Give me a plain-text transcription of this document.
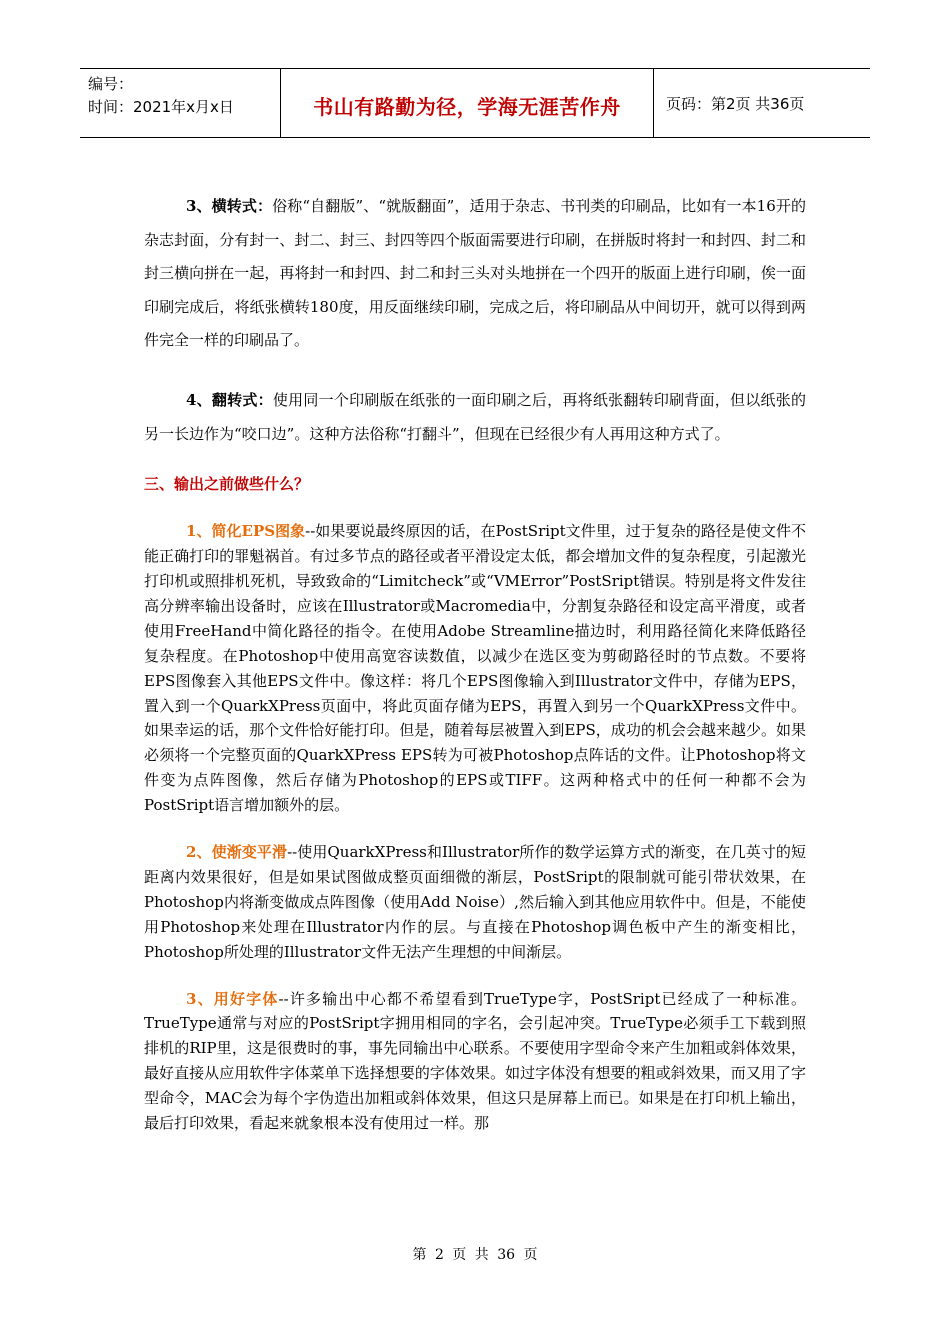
编号：
时间：2021年x月x日	书山有路勤为径，学海无涯苦作舟	页码：第2页 共36页

3、横转式：俗称“自翻版”、“就版翻面”，适用于杂志、书刊类的印刷品，比如有一本16开的杂志封面，分有封一、封二、封三、封四等四个版面需要进行印刷，在拼版时将封一和封四、封二和封三横向拼在一起，再将封一和封四、封二和封三头对头地拼在一个四开的版面上进行印刷，俟一面印刷完成后，将纸张横转180度，用反面继续印刷，完成之后，将印刷品从中间切开，就可以得到两件完全一样的印刷品了。

4、翻转式：使用同一个印刷版在纸张的一面印刷之后，再将纸张翻转印刷背面，但以纸张的另一长边作为“咬口边”。这种方法俗称“打翻斗”，但现在已经很少有人再用这种方式了。

三、输出之前做些什么？

1、简化EPS图象--如果要说最终原因的话，在PostSript文件里，过于复杂的路径是使文件不能正确打印的罪魁祸首。有过多节点的路径或者平滑设定太低，都会增加文件的复杂程度，引起激光打印机或照排机死机，导致致命的“Limitcheck”或“VMError”PostSript错误。特别是将文件发往高分辨率输出设备时，应该在Illustrator或Macromedia中，分割复杂路径和设定高平滑度，或者使用FreeHand中简化路径的指令。在使用Adobe Streamline描边时，利用路径简化来降低路径复杂程度。在Photoshop中使用高宽容读数值，以减少在选区变为剪砌路径时的节点数。不要将EPS图像套入其他EPS文件中。像这样：将几个EPS图像输入到Illustrator文件中，存储为EPS，置入到一个QuarkXPress页面中，将此页面存储为EPS，再置入到另一个QuarkXPress文件中。如果幸运的话，那个文件恰好能打印。但是，随着每层被置入到EPS，成功的机会会越来越少。如果必须将一个完整页面的QuarkXPress EPS转为可被Photoshop点阵话的文件。让Photoshop将文件变为点阵图像，然后存储为Photoshop的EPS或TIFF。这两种格式中的任何一种都不会为PostSript语言增加额外的层。

2、使渐变平滑--使用QuarkXPress和Illustrator所作的数学运算方式的渐变，在几英寸的短距离内效果很好，但是如果试图做成整页面细微的渐层，PostSript的限制就可能引带状效果，在Photoshop内将渐变做成点阵图像（使用Add Noise）,然后输入到其他应用软件中。但是，不能使用Photoshop来处理在Illustrator内作的层。与直接在Photoshop调色板中产生的渐变相比，Photoshop所处理的Illustrator文件无法产生理想的中间渐层。

3、用好字体--许多输出中心都不希望看到TrueType字，PostSript已经成了一种标准。TrueType通常与对应的PostSript字拥用相同的字名，会引起冲突。TrueType必须手工下载到照排机的RIP里，这是很费时的事，事先同输出中心联系。不要使用字型命令来产生加粗或斜体效果，最好直接从应用软件字体菜单下选择想要的字体效果。如过字体没有想要的粗或斜效果，而又用了字型命令，MAC会为每个字伪造出加粗或斜体效果，但这只是屏幕上而已。如果是在打印机上输出，最后打印效果，看起来就象根本没有使用过一样。那

第 2 页 共 36 页
